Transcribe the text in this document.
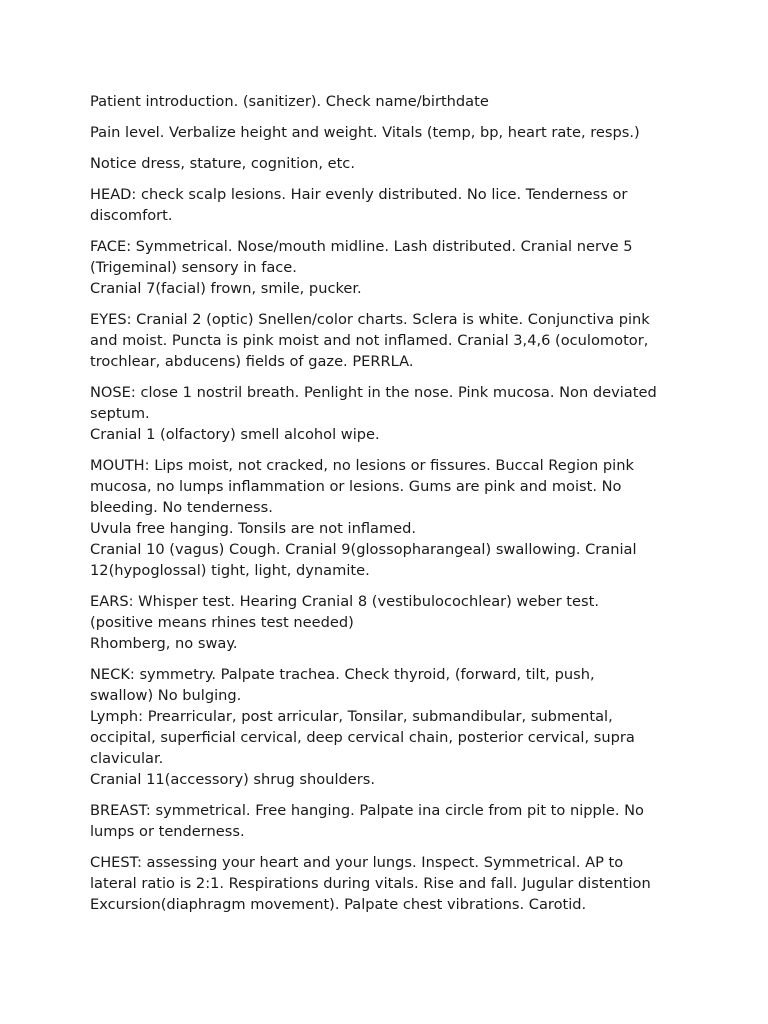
Patient introduction. (sanitizer). Check name/birthdate

Pain level. Verbalize height and weight. Vitals (temp, bp, heart rate, resps.)

Notice dress, stature, cognition, etc.

HEAD: check scalp lesions. Hair evenly distributed. No lice. Tenderness or
discomfort.

FACE: Symmetrical. Nose/mouth midline. Lash distributed. Cranial nerve 5
(Trigeminal) sensory in face.
Cranial 7(facial) frown, smile, pucker.

EYES: Cranial 2 (optic) Snellen/color charts. Sclera is white. Conjunctiva pink
and moist. Puncta is pink moist and not inflamed. Cranial 3,4,6 (oculomotor,
trochlear, abducens) fields of gaze. PERRLA.

NOSE: close 1 nostril breath. Penlight in the nose. Pink mucosa. Non deviated
septum.
Cranial 1 (olfactory) smell alcohol wipe.

MOUTH: Lips moist, not cracked, no lesions or fissures. Buccal Region pink
mucosa, no lumps inflammation or lesions. Gums are pink and moist. No
bleeding. No tenderness.
Uvula free hanging. Tonsils are not inflamed.
Cranial 10 (vagus) Cough. Cranial 9(glossopharangeal) swallowing. Cranial
12(hypoglossal) tight, light, dynamite.

EARS: Whisper test. Hearing Cranial 8 (vestibulocochlear) weber test.
(positive means rhines test needed)
Rhomberg, no sway.

NECK: symmetry. Palpate trachea. Check thyroid, (forward, tilt, push,
swallow) No bulging.
Lymph: Prearricular, post arricular, Tonsilar, submandibular, submental,
occipital, superficial cervical, deep cervical chain, posterior cervical, supra
clavicular.
Cranial 11(accessory) shrug shoulders.

BREAST: symmetrical. Free hanging. Palpate ina circle from pit to nipple. No
lumps or tenderness.

CHEST: assessing your heart and your lungs. Inspect. Symmetrical. AP to
lateral ratio is 2:1. Respirations during vitals. Rise and fall. Jugular distention
Excursion(diaphragm movement). Palpate chest vibrations. Carotid.
